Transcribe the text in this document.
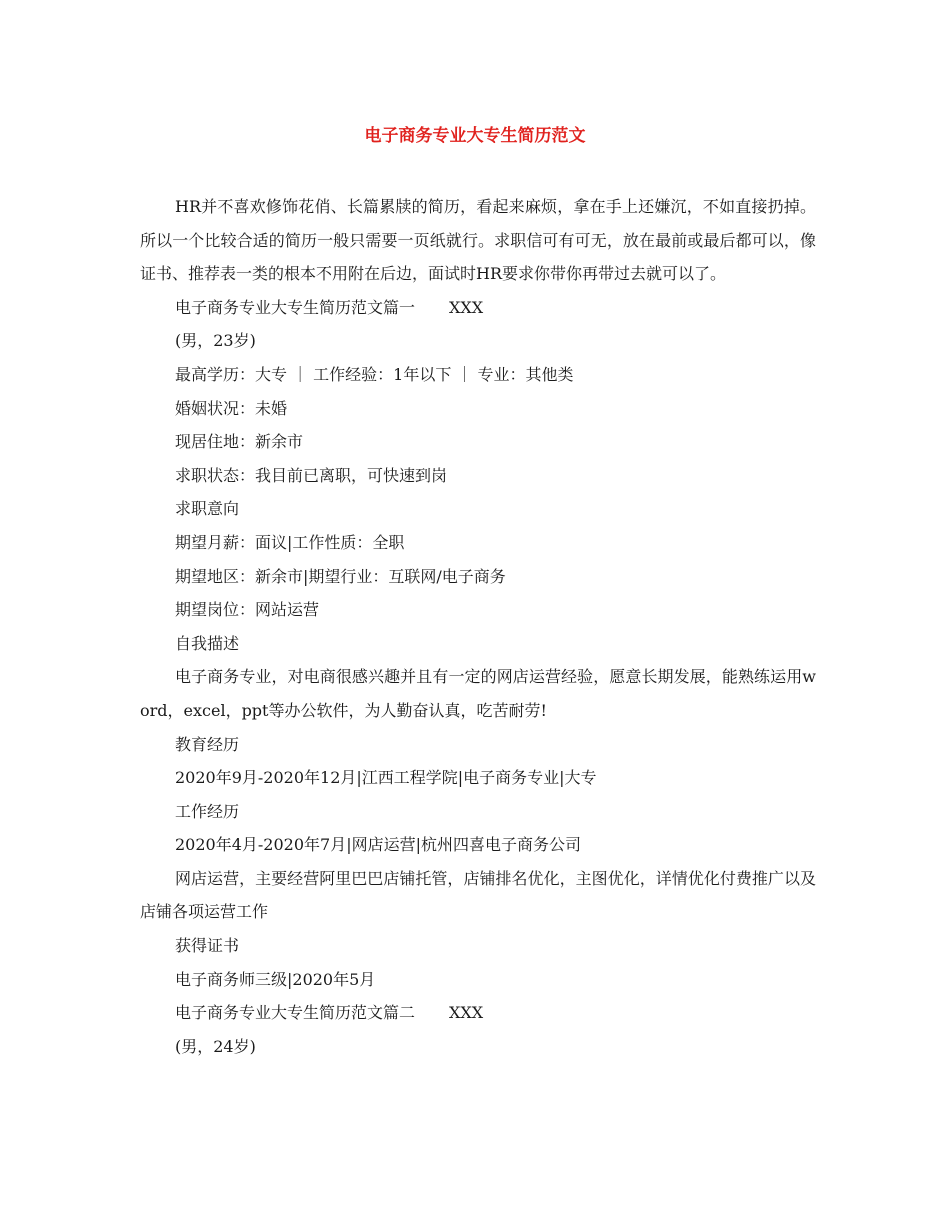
电子商务专业大专生简历范文

HR并不喜欢修饰花俏、长篇累牍的简历，看起来麻烦，拿在手上还嫌沉，不如直接扔掉。所以一个比较合适的简历一般只需要一页纸就行。求职信可有可无，放在最前或最后都可以，像证书、推荐表一类的根本不用附在后边，面试时HR要求你带你再带过去就可以了。

电子商务专业大专生简历范文篇一 XXX

(男，23岁)

最高学历：大专 ｜ 工作经验：1年以下 ｜ 专业：其他类

婚姻状况：未婚

现居住地：新余市

求职状态：我目前已离职，可快速到岗

求职意向

期望月薪：面议|工作性质：全职

期望地区：新余市|期望行业：互联网/电子商务

期望岗位：网站运营

自我描述

电子商务专业，对电商很感兴趣并且有一定的网店运营经验，愿意长期发展，能熟练运用word，excel，ppt等办公软件，为人勤奋认真，吃苦耐劳!

教育经历

2020年9月-2020年12月|江西工程学院|电子商务专业|大专

工作经历

2020年4月-2020年7月|网店运营|杭州四喜电子商务公司

网店运营，主要经营阿里巴巴店铺托管，店铺排名优化，主图优化，详情优化付费推广以及店铺各项运营工作

获得证书

电子商务师三级|2020年5月

电子商务专业大专生简历范文篇二 XXX

(男，24岁)
